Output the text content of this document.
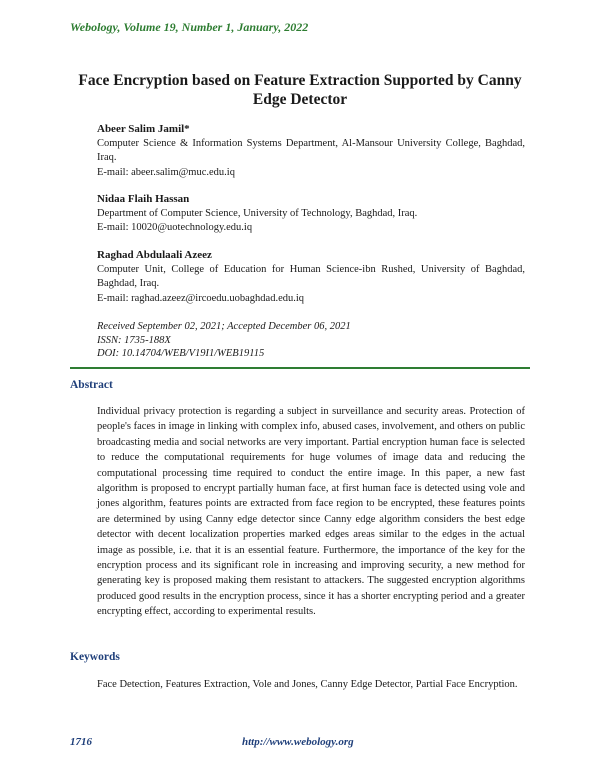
Webology, Volume 19, Number 1, January, 2022
Face Encryption based on Feature Extraction Supported by Canny Edge Detector
Abeer Salim Jamil*
Computer Science & Information Systems Department, Al-Mansour University College, Baghdad, Iraq.
E-mail: abeer.salim@muc.edu.iq
Nidaa Flaih Hassan
Department of Computer Science, University of Technology, Baghdad, Iraq.
E-mail: 10020@uotechnology.edu.iq
Raghad Abdulaali Azeez
Computer Unit, College of Education for Human Science-ibn Rushed, University of Baghdad, Baghdad, Iraq.
E-mail: raghad.azeez@ircoedu.uobaghdad.edu.iq
Received September 02, 2021; Accepted December 06, 2021
ISSN: 1735-188X
DOI: 10.14704/WEB/V19I1/WEB19115
Abstract
Individual privacy protection is regarding a subject in surveillance and security areas. Protection of people's faces in image in linking with complex info, abused cases, involvement, and others on public broadcasting media and social networks are very important. Partial encryption human face is selected to reduce the computational requirements for huge volumes of image data and reducing the computational processing time required to conduct the entire image. In this paper, a new fast algorithm is proposed to encrypt partially human face, at first human face is detected using vole and jones algorithm, features points are extracted from face region to be encrypted, these features points are determined by using Canny edge detector since Canny edge algorithm considers the best edge detector with decent localization properties marked edges areas similar to the edges in the actual image as possible, i.e. that it is an essential feature. Furthermore, the importance of the key for the encryption process and its significant role in increasing and improving security, a new method for generating key is proposed making them resistant to attackers. The suggested encryption algorithms produced good results in the encryption process, since it has a shorter encrypting period and a greater encrypting effect, according to experimental results.
Keywords
Face Detection, Features Extraction, Vole and Jones, Canny Edge Detector, Partial Face Encryption.
1716	http://www.webology.org
